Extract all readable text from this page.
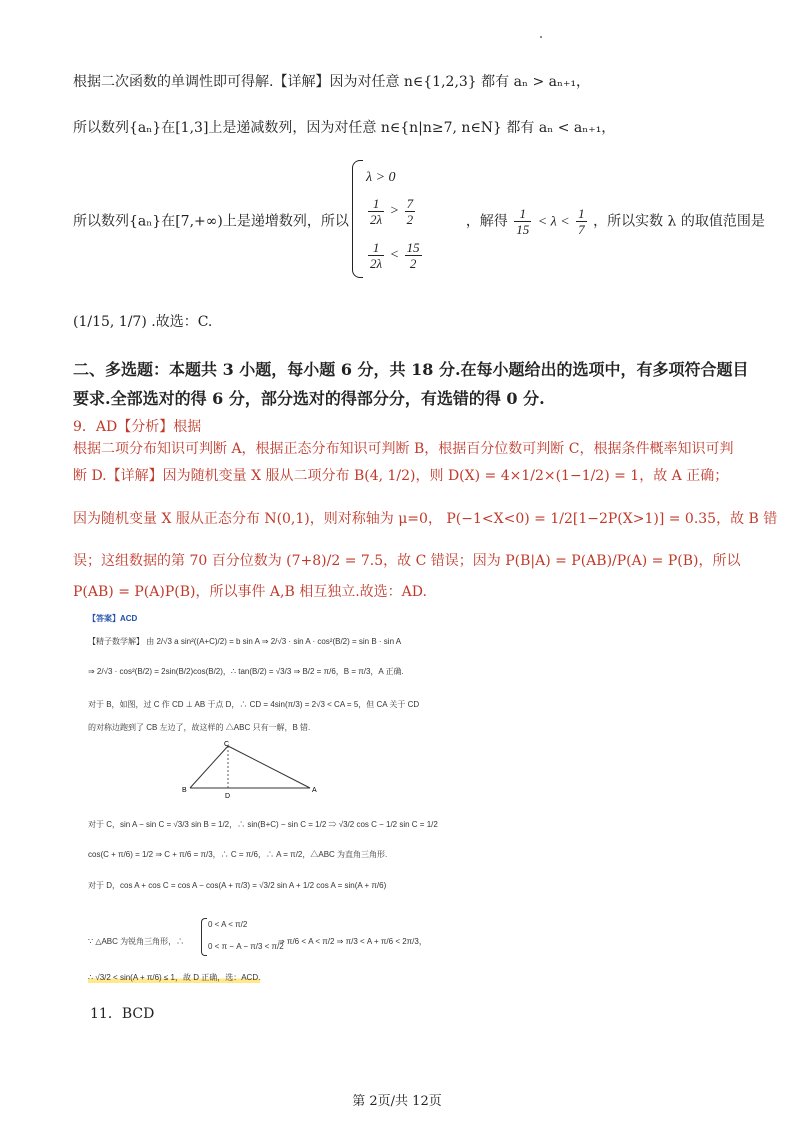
根据二次函数的单调性即可得解.【详解】因为对任意 n∈{1,2,3} 都有 aₙ > aₙ₊₁，
所以数列{aₙ}在[1,3]上是递减数列，因为对任意 n∈{n|n≥7, n∈N} 都有 aₙ < aₙ₊₁，
所以数列{aₙ}在[7,+∞)上是递增数列，所以	，解得 $\frac{1}{15} < \lambda < \frac{1}{7}$ ，所以实数 λ 的取值范围是
λ > 0
$\frac{1}{2\lambda} > \frac{7}{2}$
$\frac{1}{2\lambda} < \frac{15}{2}$
(1/15, 1/7) .故选：C.
二、多选题：本题共 3 小题，每小题 6 分，共 18 分.在每小题给出的选项中，有多项符合题目
要求.全部选对的得 6 分，部分选对的得部分分，有选错的得 0 分.
9．AD【分析】根据
根据二项分布知识可判断 A，根据正态分布知识可判断 B，根据百分位数可判断 C，根据条件概率知识可判
断 D.【详解】因为随机变量 X 服从二项分布 B(4, 1/2)，则 D(X) = 4×1/2×(1−1/2) = 1，故 A 正确；
因为随机变量 X 服从正态分布 N(0,1)，则对称轴为 μ=0， P(−1<X<0) = 1/2[1−2P(X>1)] = 0.35，故 B 错
误；这组数据的第 70 百分位数为 (7+8)/2 = 7.5，故 C 错误；因为 P(B|A) = P(AB)/P(A) = P(B)，所以
P(AB) = P(A)P(B)，所以事件 A,B 相互独立.故选：AD.
【答案】ACD
【精子数学解】 由 2/√3 a sin²((A+C)/2) = b sin A ⇒ 2/√3 · sin A · cos²(B/2) = sin B · sin A
⇒ 2/√3 · cos²(B/2) = 2sin(B/2)cos(B/2)，∴ tan(B/2) = √3/3 ⇒ B/2 = π/6，B = π/3，A 正确.
对于 B，如图，过 C 作 CD ⊥ AB 于点 D，∴ CD = 4sin(π/3) = 2√3 < CA = 5，但 CA 关于 CD
的对称边跑到了 CB 左边了，故这样的 △ABC 只有一解，B 错.
C
B
D
A
对于 C，sin A − sin C = √3/3 sin B = 1/2，∴ sin(B+C) − sin C = 1/2 ⇒ √3/2 cos C − 1/2 sin C = 1/2
cos(C + π/6) = 1/2 ⇒ C + π/6 = π/3，∴ C = π/6，∴ A = π/2，△ABC 为直角三角形.
对于 D，cos A + cos C = cos A − cos(A + π/3) = √3/2 sin A + 1/2 cos A = sin(A + π/6)
∵ △ABC 为锐角三角形，∴
0 < A < π/2
0 < π − A − π/3 < π/2
⇒ π/6 < A < π/2 ⇒ π/3 < A + π/6 < 2π/3，
∴ √3/2 < sin(A + π/6) ≤ 1，故 D 正确，选：ACD.
11．BCD
第 2页/共 12页
